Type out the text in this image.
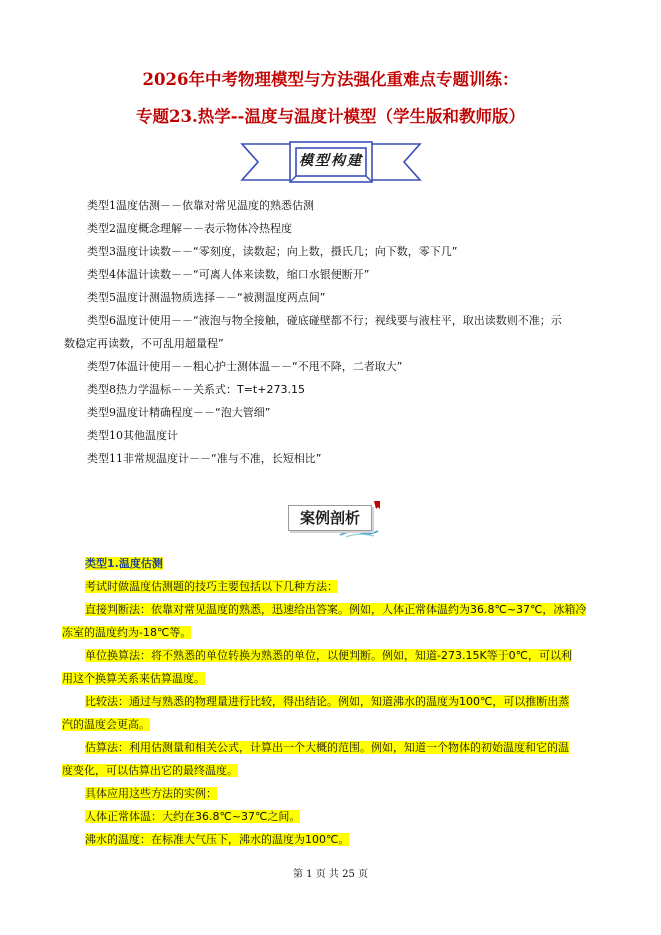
2026年中考物理模型与方法强化重难点专题训练：
专题23.热学--温度与温度计模型（学生版和教师版）
模型构建
类型1温度估测－－依靠对常见温度的熟悉估测
类型2温度概念理解－－表示物体冷热程度
类型3温度计读数－－“零刻度，读数起；向上数，摄氏几；向下数，零下几”
类型4体温计读数－－“可离人体来读数，缩口水银便断开”
类型5温度计测温物质选择－－“被测温度两点间”
类型6温度计使用－－“液泡与物全接触，碰底碰壁都不行；视线要与液柱平，取出读数则不准；示
数稳定再读数，不可乱用超量程”
类型7体温计使用－－粗心护士测体温－－“不甩不降，二者取大”
类型8热力学温标－－关系式：T=t+273.15
类型9温度计精确程度－－“泡大管细”
类型10其他温度计
类型11非常规温度计－－“准与不准，长短相比”
案例剖析
类型1.温度估测
考试时做温度估测题的技巧主要包括以下几种方法：
直接判断法：依靠对常见温度的熟悉，迅速给出答案。例如，人体正常体温约为36.8℃~37℃，冰箱冷
冻室的温度约为-18℃等。
单位换算法：将不熟悉的单位转换为熟悉的单位，以便判断。例如，知道-273.15K等于0℃，可以利
用这个换算关系来估算温度。
比较法：通过与熟悉的物理量进行比较，得出结论。例如，知道沸水的温度为100℃，可以推断出蒸
汽的温度会更高。
估算法：利用估测量和相关公式，计算出一个大概的范围。例如，知道一个物体的初始温度和它的温
度变化，可以估算出它的最终温度。
具体应用这些方法的实例：
人体正常体温：大约在36.8℃~37℃之间。
沸水的温度：在标准大气压下，沸水的温度为100℃。
第 1 页 共 25 页
